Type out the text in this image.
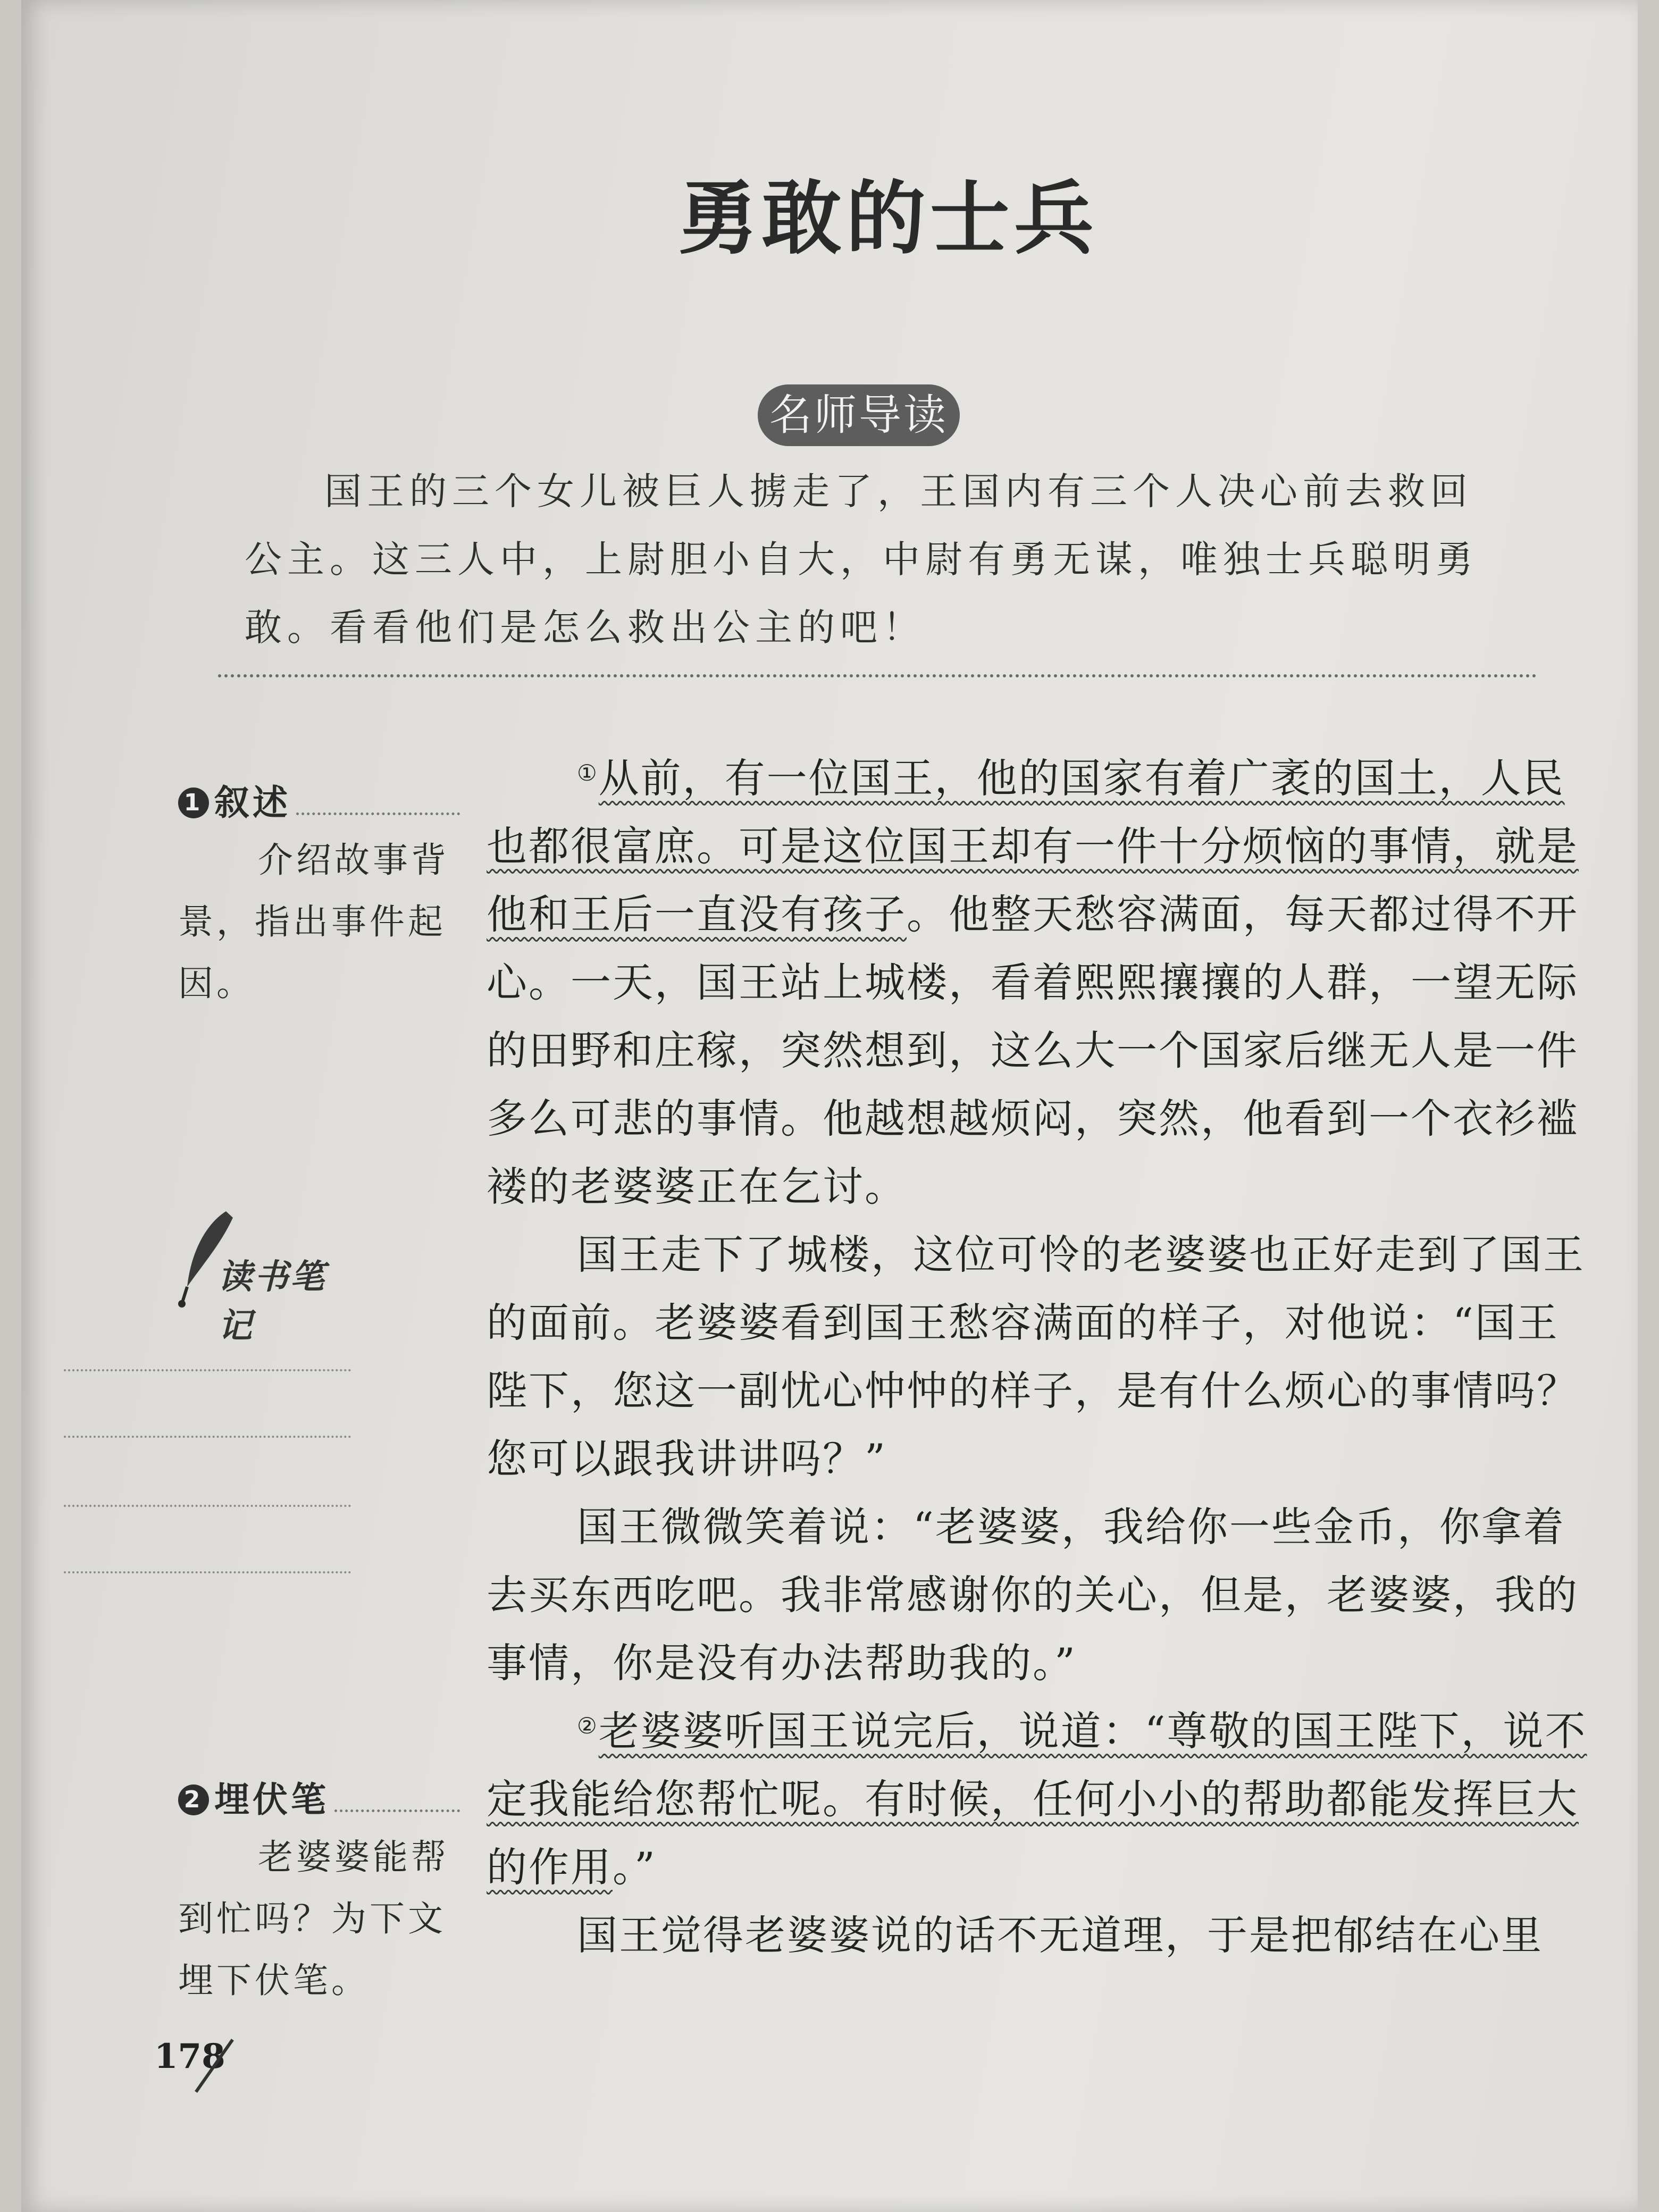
勇敢的士兵
名师导读

国王的三个女儿被巨人掳走了，王国内有三个人决心前去救回公主。这三人中，上尉胆小自大，中尉有勇无谋，唯独士兵聪明勇敢。看看他们是怎么救出公主的吧！

1 叙述
介绍故事背景，指出事件起因。
读书笔记
2 埋伏笔
老婆婆能帮到忙吗？为下文埋下伏笔。

①从前，有一位国王，他的国家有着广袤的国土，人民也都很富庶。可是这位国王却有一件十分烦恼的事情，就是他和王后一直没有孩子。他整天愁容满面，每天都过得不开心。一天，国王站上城楼，看着熙熙攘攘的人群，一望无际的田野和庄稼，突然想到，这么大一个国家后继无人是一件多么可悲的事情。他越想越烦闷，突然，他看到一个衣衫褴褛的老婆婆正在乞讨。

国王走下了城楼，这位可怜的老婆婆也正好走到了国王的面前。老婆婆看到国王愁容满面的样子，对他说：“国王陛下，您这一副忧心忡忡的样子，是有什么烦心的事情吗？您可以跟我讲讲吗？”

国王微微笑着说：“老婆婆，我给你一些金币，你拿着去买东西吃吧。我非常感谢你的关心，但是，老婆婆，我的事情，你是没有办法帮助我的。”

②老婆婆听国王说完后，说道：“尊敬的国王陛下，说不定我能给您帮忙呢。有时候，任何小小的帮助都能发挥巨大的作用。”

国王觉得老婆婆说的话不无道理，于是把郁结在心里

178
